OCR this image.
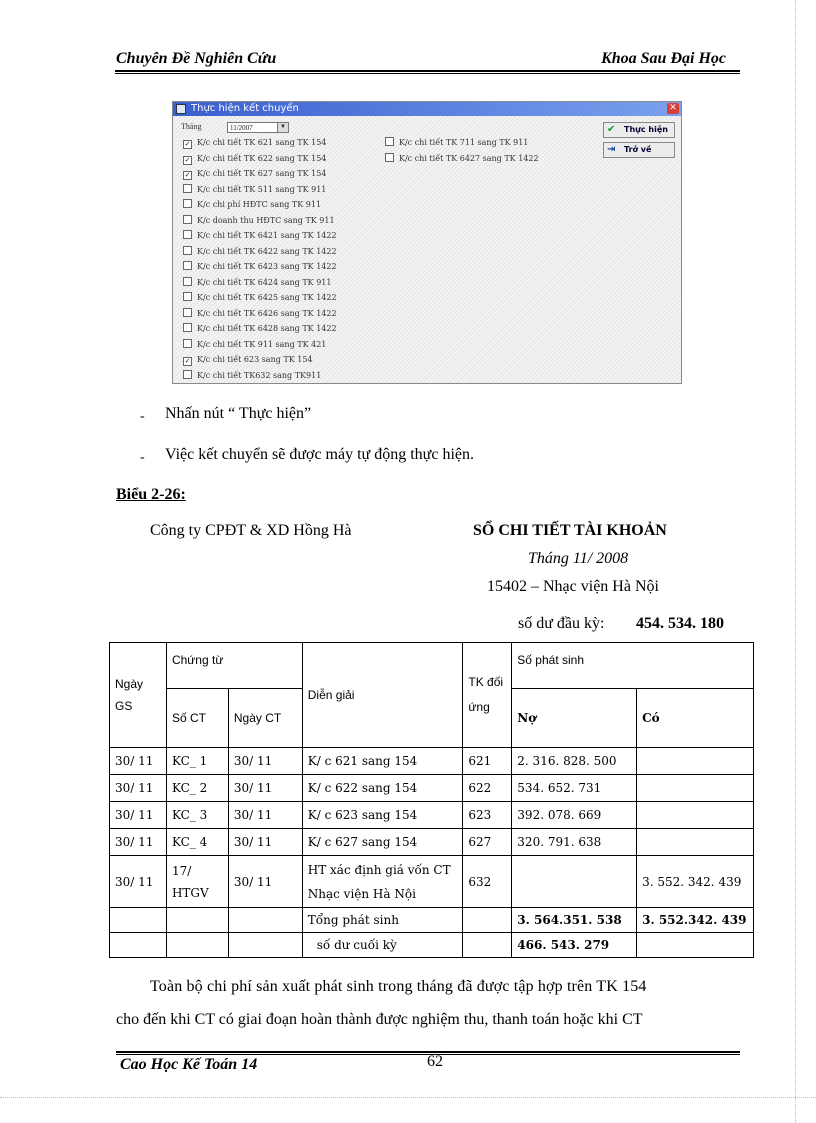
Chuyên Đề Nghiên Cứu	Khoa Sau Đại Học
Thực hiện kết chuyển	✕
Tháng	11/2007	▼
✓ K/c chi tiết TK 621 sang TK 154
✓ K/c chi tiết TK 622 sang TK 154
✓ K/c chi tiết TK 627 sang TK 154
K/c chi tiết TK 511 sang TK 911
K/c chi phí HĐTC sang TK 911
K/c doanh thu HĐTC sang TK 911
K/c chi tiết TK 6421 sang TK 1422
K/c chi tiết TK 6422 sang TK 1422
K/c chi tiết TK 6423 sang TK 1422
K/c chi tiết TK 6424 sang TK 911
K/c chi tiết TK 6425 sang TK 1422
K/c chi tiết TK 6426 sang TK 1422
K/c chi tiết TK 6428 sang TK 1422
K/c chi tiết TK 911 sang TK 421
✓ K/c chi tiết 623 sang TK 154
K/c chi tiết TK632 sang TK911
K/c chi tiết TK 711 sang TK 911
K/c chi tiết TK 6427 sang TK 1422
✔ Thực hiện
⇥ Trở về
- Nhấn nút “ Thực hiện”
- Việc kết chuyển sẽ được máy tự động thực hiện.
Biểu 2-26:
Công ty CPĐT & XD Hồng Hà	SỔ CHI TIẾT TÀI KHOẢN
Tháng 11/ 2008
15402 – Nhạc viện Hà Nội
số dư đầu kỳ: 454. 534. 180
Ngày GS	Chứng từ		Diễn giải	TK đối ứng	Số phát sinh	
	Số CT	Ngày CT			Nợ	Có
30/ 11	KC_ 1	30/ 11	K/ c 621 sang 154	621	2. 316. 828. 500	
30/ 11	KC_ 2	30/ 11	K/ c 622 sang 154	622	534. 652. 731	
30/ 11	KC_ 3	30/ 11	K/ c 623 sang 154	623	392. 078. 669	
30/ 11	KC_ 4	30/ 11	K/ c 627 sang 154	627	320. 791. 638	
30/ 11	17/ HTGV	30/ 11	HT xác định giá vốn CT Nhạc viện Hà Nội	632		3. 552. 342. 439
			Tổng phát sinh		3. 564.351. 538	3. 552.342. 439
			số dư cuối kỳ		466. 543. 279	
Toàn bộ chi phí sản xuất phát sinh trong tháng đã được tập hợp trên TK 154
cho đến khi CT có giai đoạn hoàn thành được nghiệm thu, thanh toán hoặc khi CT
Cao Học Kế Toán 14	62
